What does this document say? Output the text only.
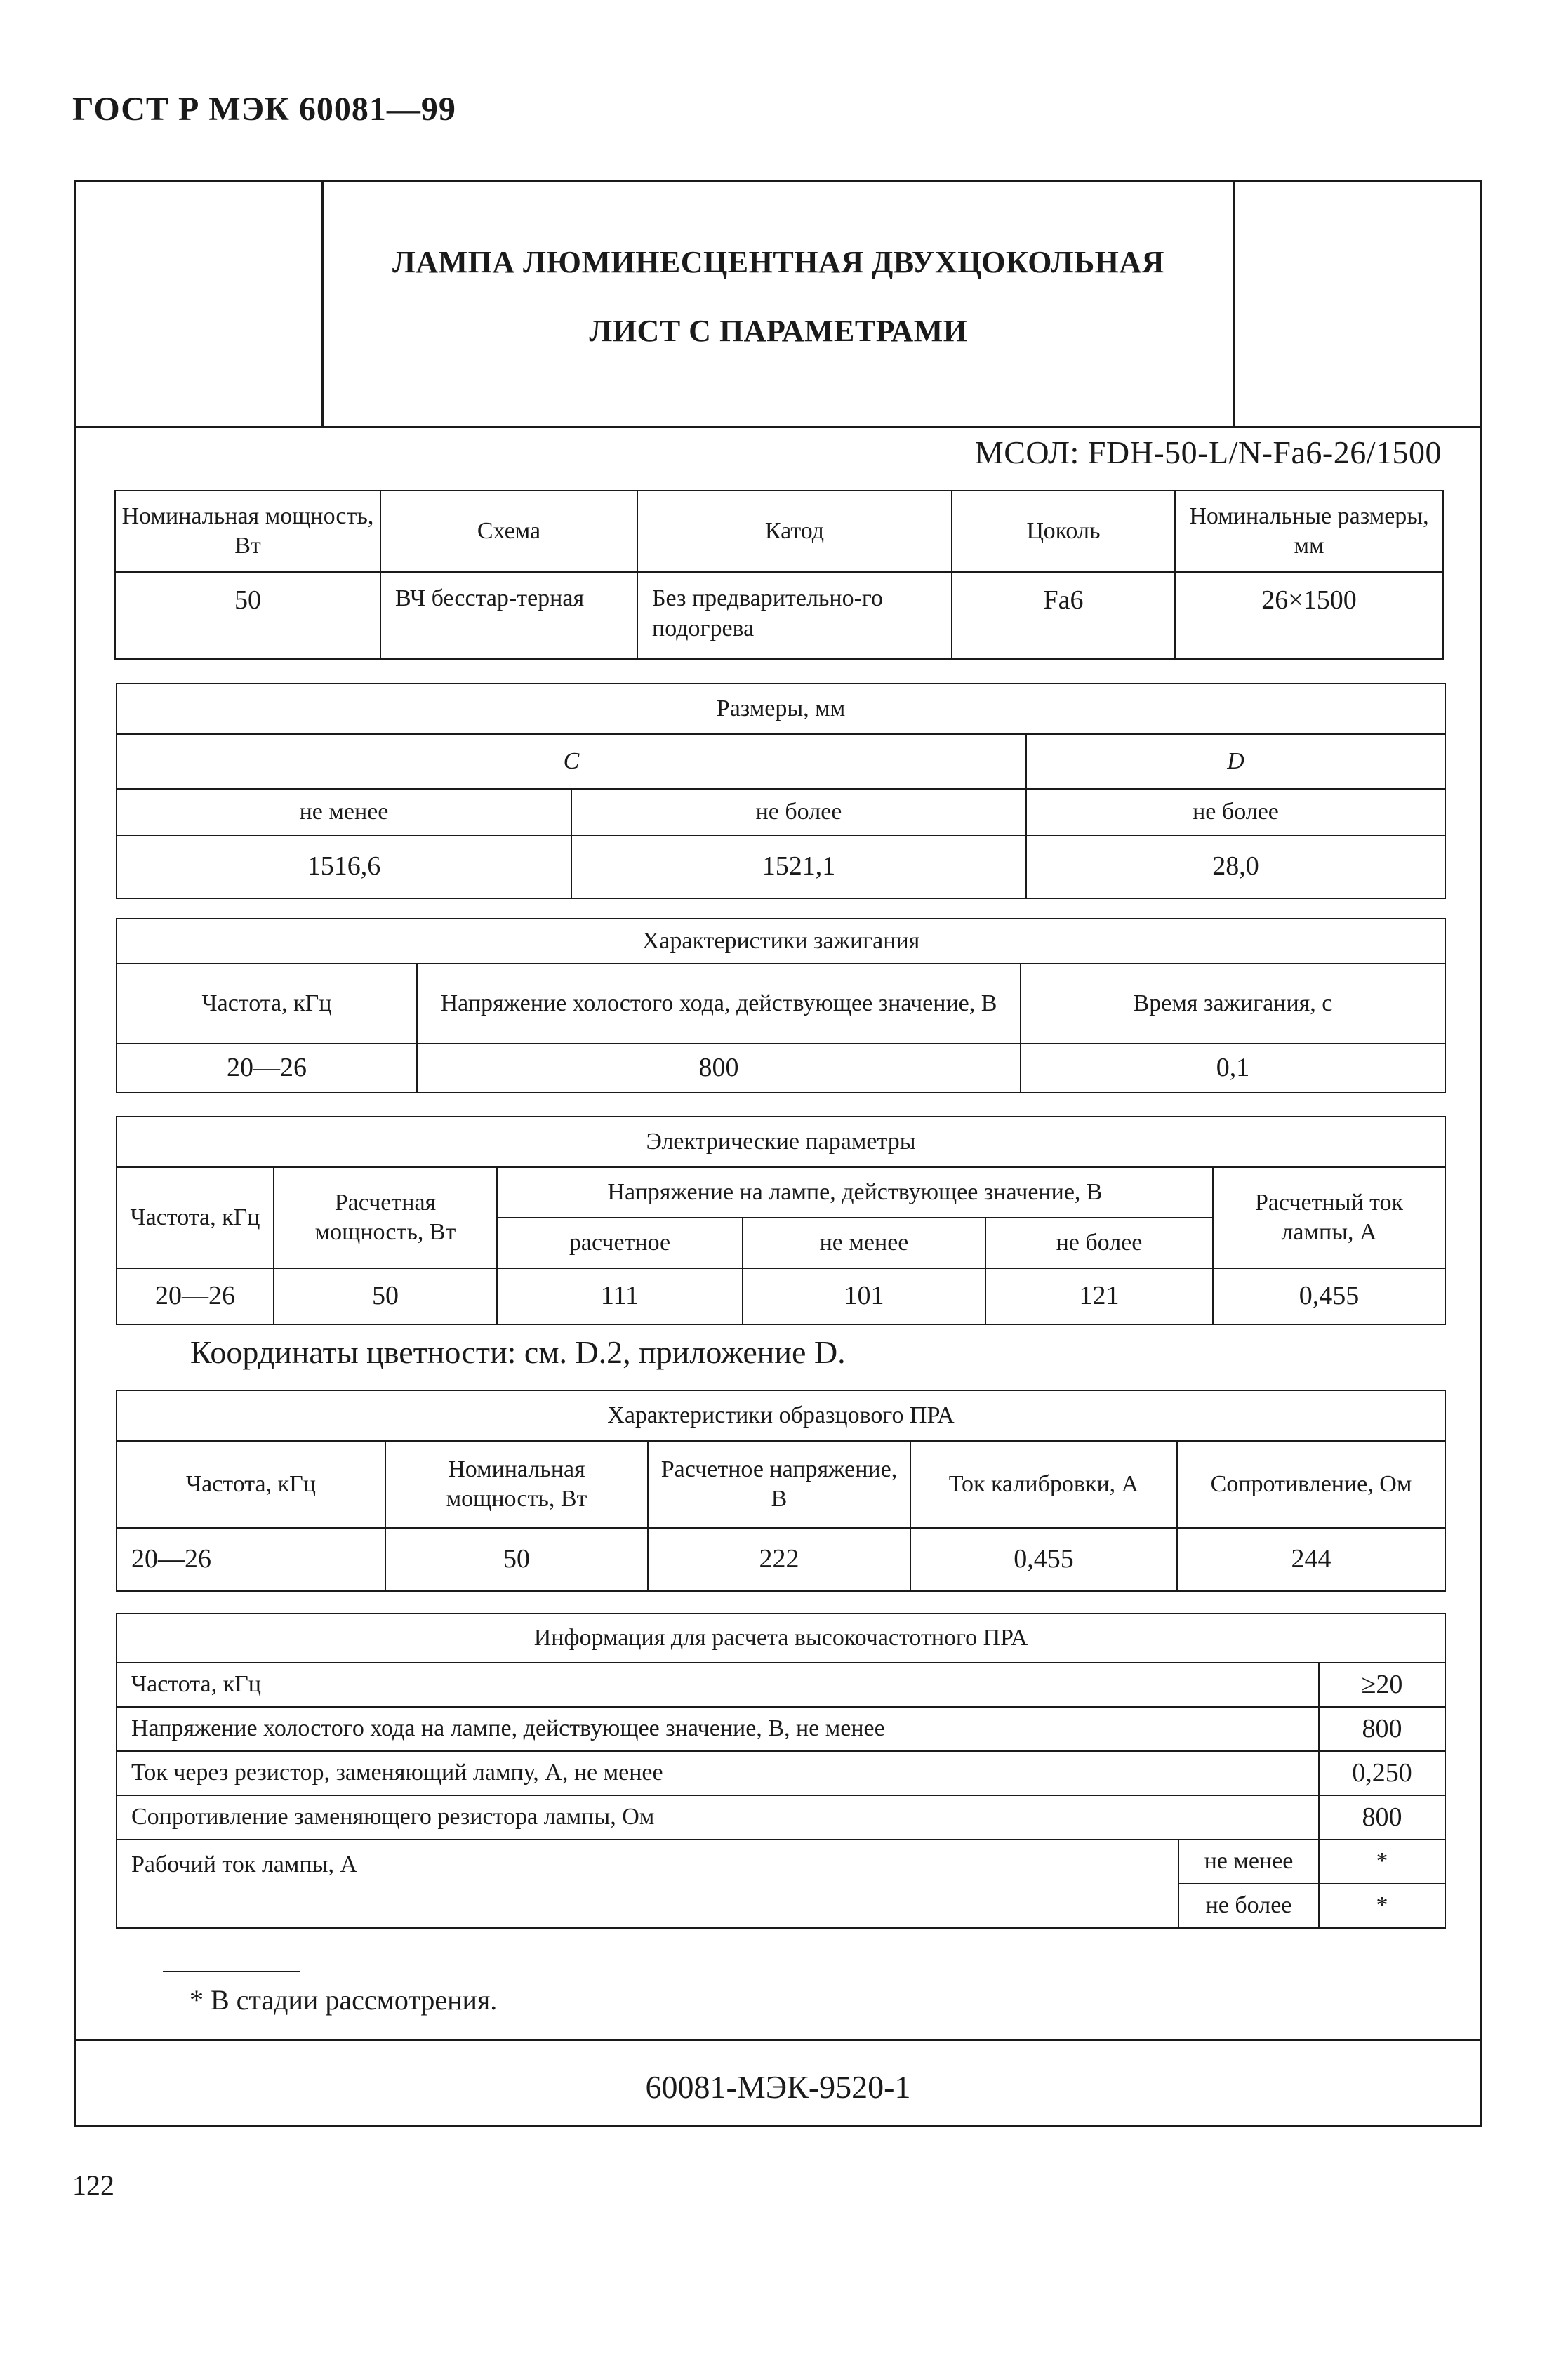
ГОСТ Р МЭК 60081—99
ЛАМПА ЛЮМИНЕСЦЕНТНАЯ ДВУХЦОКОЛЬНАЯ
ЛИСТ С ПАРАМЕТРАМИ
МСОЛ: FDH-50-L/N-Fa6-26/1500
Номинальная мощность, Вт	Схема	Катод	Цоколь	Номинальные размеры, мм
50	ВЧ бесстар-терная	Без предварительно-го подогрева	Fa6	26×1500
Размеры, мм		
C		D
не менее	не более	не более
1516,6	1521,1	28,0
Характеристики зажигания		
Частота, кГц	Напряжение холостого хода, действующее значение, В	Время зажигания, с
20—26	800	0,1
Электрические параметры					
Частота, кГц	Расчетная мощность, Вт	Напряжение на лампе, действующее значение, В			Расчетный ток лампы, А
		расчетное	не менее	не более	
20—26	50	111	101	121	0,455
Координаты цветности: см. D.2, приложение D.
Характеристики образцового ПРА				
Частота, кГц	Номинальная мощность, Вт	Расчетное напряжение, В	Ток калибровки, А	Сопротивление, Ом
20—26	50	222	0,455	244
Информация для расчета высокочастотного ПРА		
Частота, кГц		≥20
Напряжение холостого хода на лампе, действующее значение, В, не менее		800
Ток через резистор, заменяющий лампу, А, не менее		0,250
Сопротивление заменяющего резистора лампы, Ом		800
Рабочий ток лампы, А	не менее	*
	не более	*
* В стадии рассмотрения.
60081-МЭК-9520-1
122
